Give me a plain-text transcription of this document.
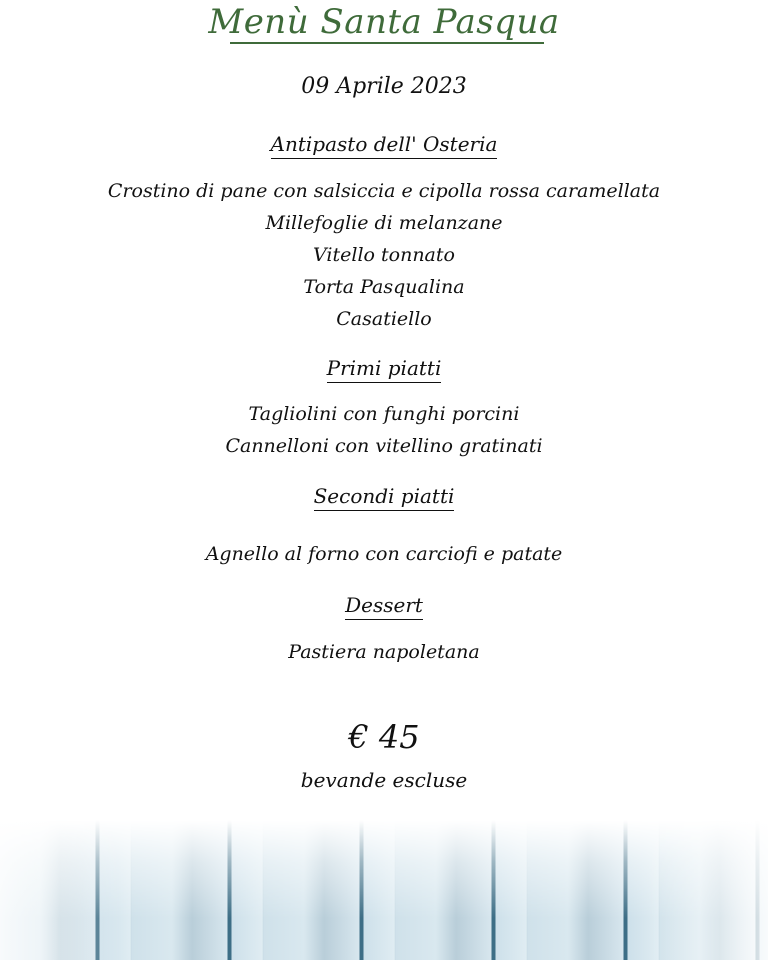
Menù Santa Pasqua
09 Aprile 2023
Antipasto dell' Osteria
Crostino di pane con salsiccia e cipolla rossa caramellata
Millefoglie di melanzane
Vitello tonnato
Torta Pasqualina
Casatiello
Primi piatti
Tagliolini con funghi porcini
Cannelloni con vitellino gratinati
Secondi piatti
Agnello al forno con carciofi e patate
Dessert
Pastiera napoletana
€ 45
bevande escluse
